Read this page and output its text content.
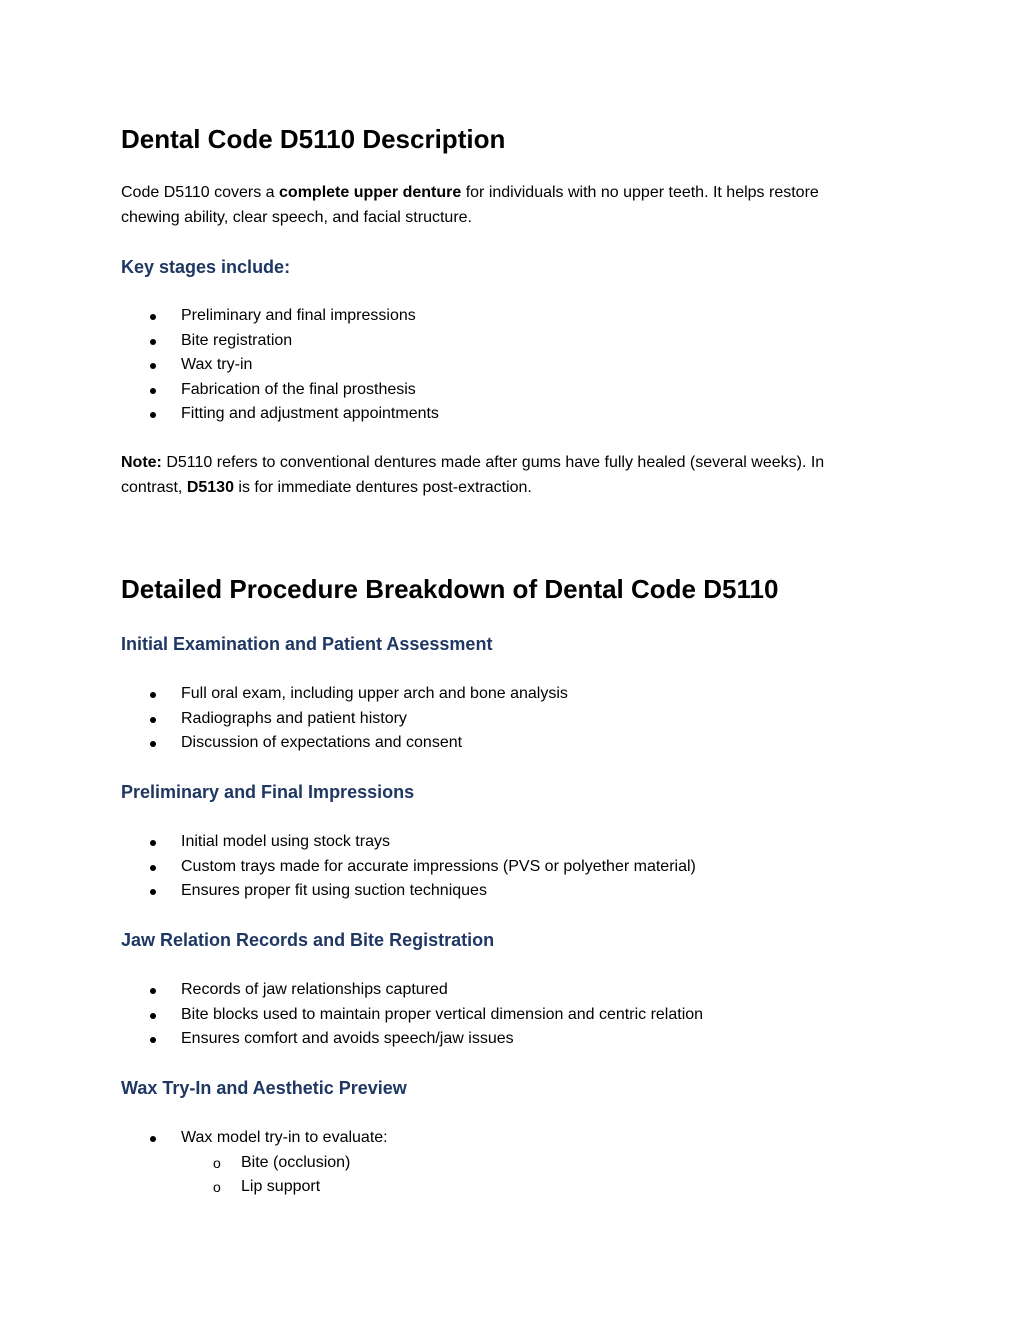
Dental Code D5110 Description

Code D5110 covers a complete upper denture for individuals with no upper teeth. It helps restore chewing ability, clear speech, and facial structure.

Key stages include:
Preliminary and final impressions
Bite registration
Wax try-in
Fabrication of the final prosthesis
Fitting and adjustment appointments

Note: D5110 refers to conventional dentures made after gums have fully healed (several weeks). In contrast, D5130 is for immediate dentures post-extraction.

Detailed Procedure Breakdown of Dental Code D5110
Initial Examination and Patient Assessment
Full oral exam, including upper arch and bone analysis
Radiographs and patient history
Discussion of expectations and consent
Preliminary and Final Impressions
Initial model using stock trays
Custom trays made for accurate impressions (PVS or polyether material)
Ensures proper fit using suction techniques
Jaw Relation Records and Bite Registration
Records of jaw relationships captured
Bite blocks used to maintain proper vertical dimension and centric relation
Ensures comfort and avoids speech/jaw issues
Wax Try-In and Aesthetic Preview
Wax model try-in to evaluate:
o Bite (occlusion)
o Lip support
